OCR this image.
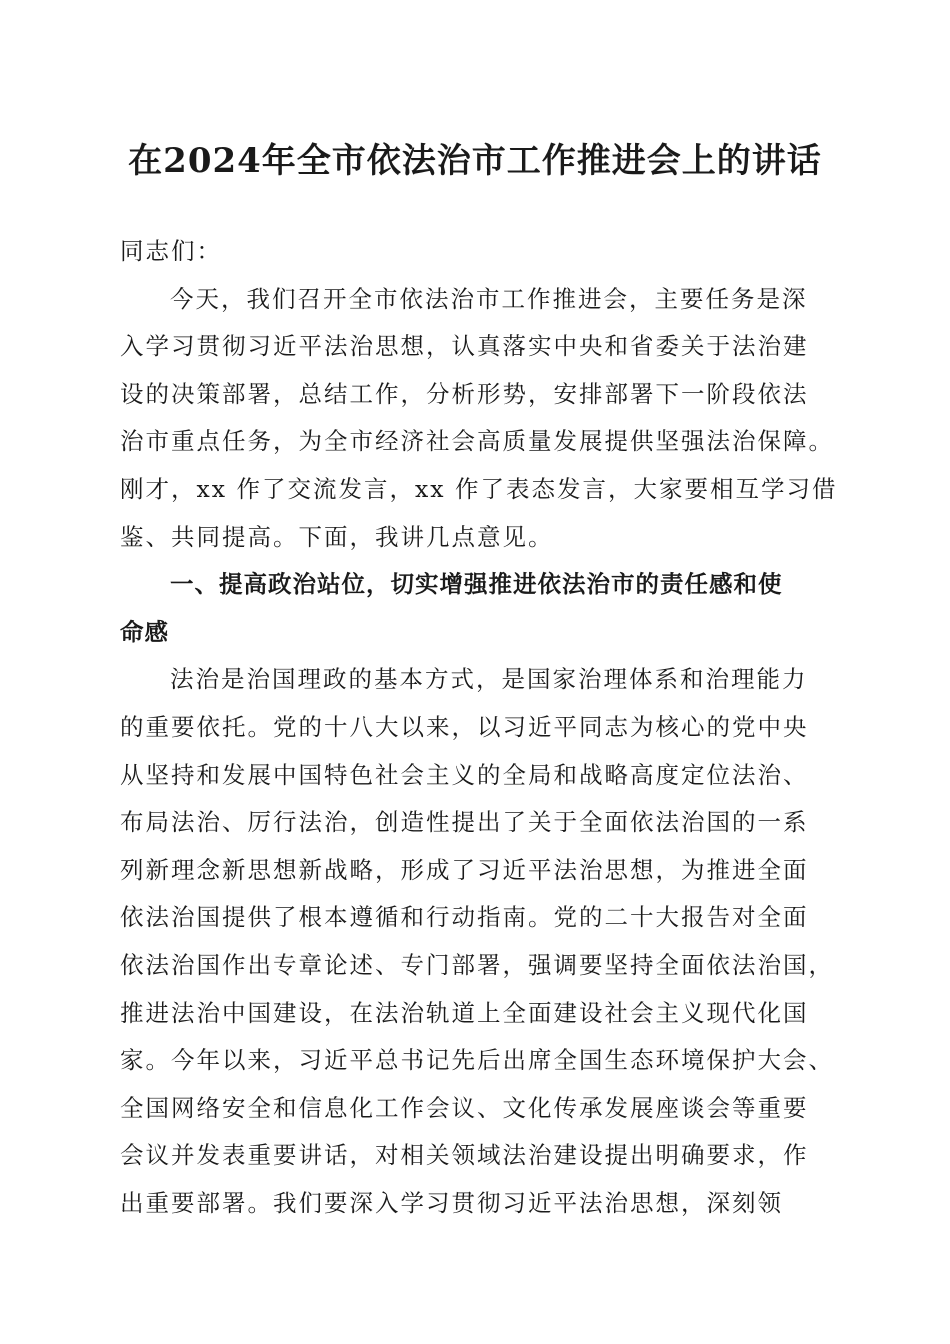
在2024年全市依法治市工作推进会上的讲话
同志们：
今天，我们召开全市依法治市工作推进会，主要任务是深
入学习贯彻习近平法治思想，认真落实中央和省委关于法治建
设的决策部署，总结工作，分析形势，安排部署下一阶段依法
治市重点任务，为全市经济社会高质量发展提供坚强法治保障。
刚才，xx 作了交流发言，xx 作了表态发言，大家要相互学习借
鉴、共同提高。下面，我讲几点意见。
一、提高政治站位，切实增强推进依法治市的责任感和使
命感
法治是治国理政的基本方式，是国家治理体系和治理能力
的重要依托。党的十八大以来，以习近平同志为核心的党中央
从坚持和发展中国特色社会主义的全局和战略高度定位法治、
布局法治、厉行法治，创造性提出了关于全面依法治国的一系
列新理念新思想新战略，形成了习近平法治思想，为推进全面
依法治国提供了根本遵循和行动指南。党的二十大报告对全面
依法治国作出专章论述、专门部署，强调要坚持全面依法治国，
推进法治中国建设，在法治轨道上全面建设社会主义现代化国
家。今年以来，习近平总书记先后出席全国生态环境保护大会、
全国网络安全和信息化工作会议、文化传承发展座谈会等重要
会议并发表重要讲话，对相关领域法治建设提出明确要求，作
出重要部署。我们要深入学习贯彻习近平法治思想，深刻领
